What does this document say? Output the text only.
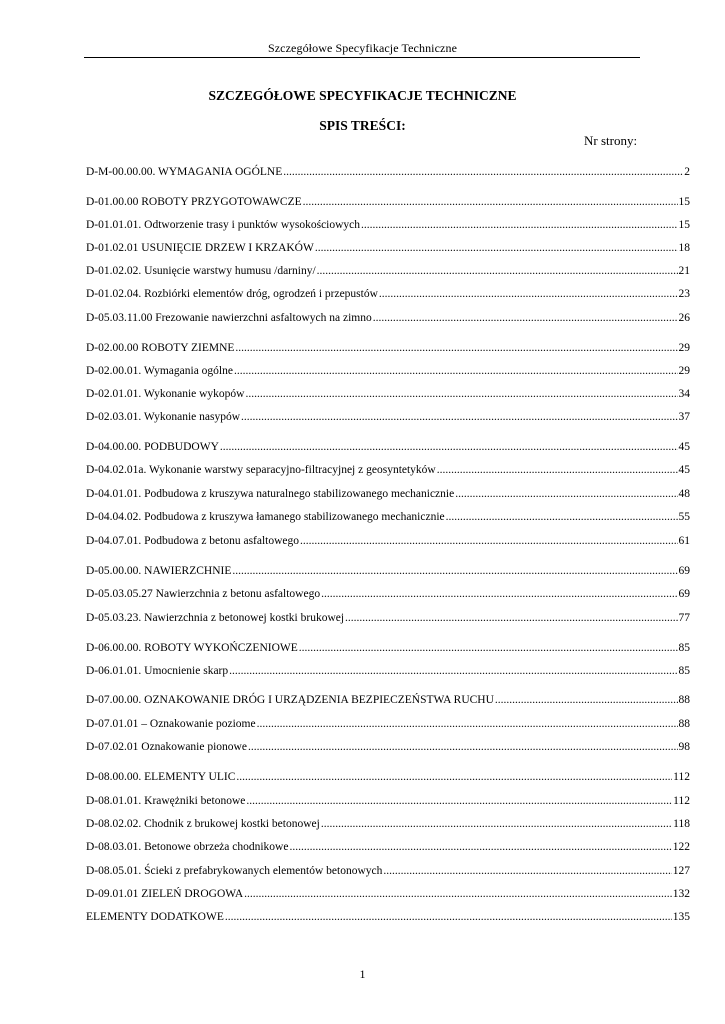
Szczegółowe Specyfikacje Techniczne
SZCZEGÓŁOWE SPECYFIKACJE TECHNICZNE
SPIS TREŚCI:
Nr strony:
D-M-00.00.00. WYMAGANIA OGÓLNE .....	2
D-01.00.00 ROBOTY PRZYGOTOWAWCZE .....	15
D-01.01.01. Odtworzenie trasy i punktów wysokościowych .....	15
D-01.02.01 USUNIĘCIE DRZEW I KRZAKÓW .....	18
D-01.02.02. Usunięcie warstwy humusu /darniny/ .....	21
D-01.02.04. Rozbiórki elementów dróg, ogrodzeń i przepustów .....	23
D-05.03.11.00 Frezowanie nawierzchni asfaltowych na zimno .....	26
D-02.00.00 ROBOTY ZIEMNE .....	29
D-02.00.01. Wymagania ogólne .....	29
D-02.01.01. Wykonanie wykopów .....	34
D-02.03.01. Wykonanie nasypów .....	37
D-04.00.00. PODBUDOWY .....	45
D-04.02.01a. Wykonanie warstwy separacyjno-filtracyjnej z geosyntetyków .....	45
D-04.01.01. Podbudowa z kruszywa naturalnego stabilizowanego mechanicznie .....	48
D-04.04.02. Podbudowa z kruszywa łamanego stabilizowanego mechanicznie .....	55
D-04.07.01. Podbudowa z betonu asfaltowego .....	61
D-05.00.00. NAWIERZCHNIE .....	69
D-05.03.05.27 Nawierzchnia z betonu asfaltowego .....	69
D-05.03.23. Nawierzchnia z betonowej kostki brukowej .....	77
D-06.00.00. ROBOTY WYKOŃCZENIOWE .....	85
D-06.01.01. Umocnienie skarp .....	85
D-07.00.00. OZNAKOWANIE DRÓG I URZĄDZENIA BEZPIECZEŃSTWA RUCHU .....	88
D-07.01.01 – Oznakowanie poziome .....	88
D-07.02.01 Oznakowanie pionowe .....	98
D-08.00.00. ELEMENTY ULIC .....	112
D-08.01.01. Krawężniki betonowe .....	112
D-08.02.02. Chodnik z brukowej kostki betonowej .....	118
D-08.03.01. Betonowe obrzeża chodnikowe .....	122
D-08.05.01. Ścieki z prefabrykowanych elementów betonowych .....	127
D-09.01.01 ZIELEŃ DROGOWA .....	132
ELEMENTY DODATKOWE .....	135
1
